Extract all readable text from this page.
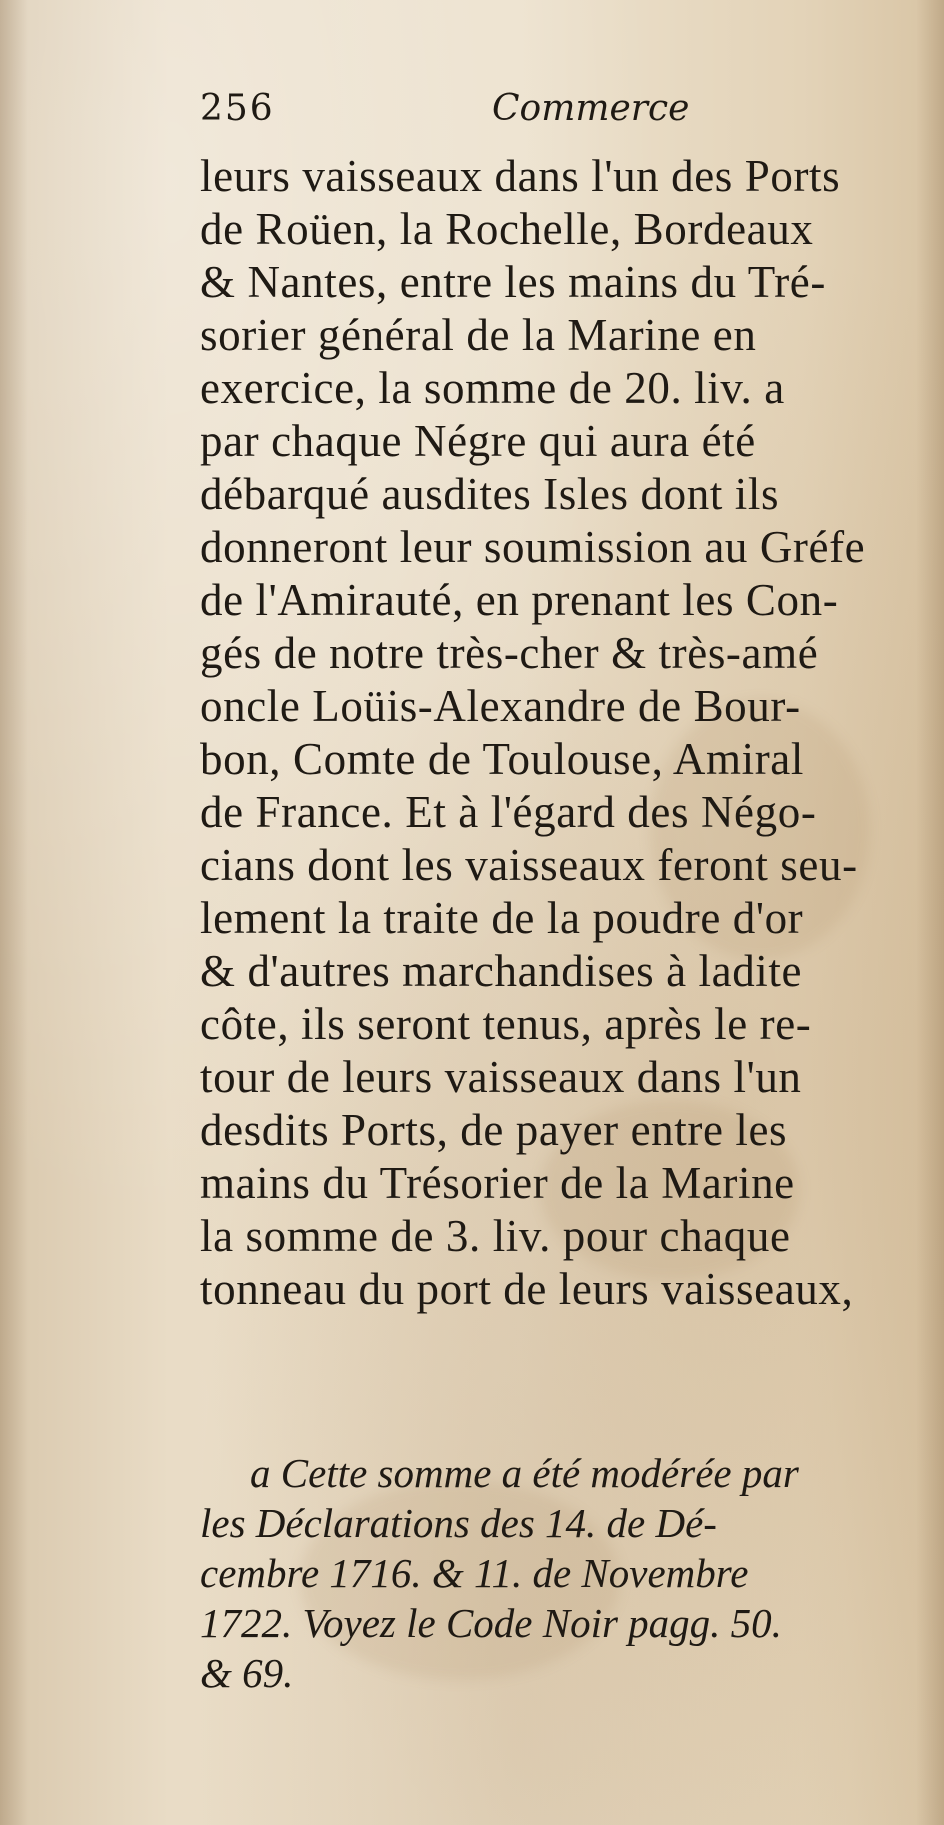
256	Commerce
leurs vaisseaux dans l'un des Ports
de Roüen, la Rochelle, Bordeaux
& Nantes, entre les mains du Tré-
sorier général de la Marine en
exercice, la somme de 20. liv. a
par chaque Négre qui aura été
débarqué ausdites Isles dont ils
donneront leur soumission au Gréfe
de l'Amirauté, en prenant les Con-
gés de notre très-cher & très-amé
oncle Loüis-Alexandre de Bour-
bon, Comte de Toulouse, Amiral
de France. Et à l'égard des Négo-
cians dont les vaisseaux feront seu-
lement la traite de la poudre d'or
& d'autres marchandises à ladite
côte, ils seront tenus, après le re-
tour de leurs vaisseaux dans l'un
desdits Ports, de payer entre les
mains du Trésorier de la Marine
la somme de 3. liv. pour chaque
tonneau du port de leurs vaisseaux,
a Cette somme a été modérée par
les Déclarations des 14. de Dé-
cembre 1716. & 11. de Novembre
1722. Voyez le Code Noir pagg. 50.
& 69.
